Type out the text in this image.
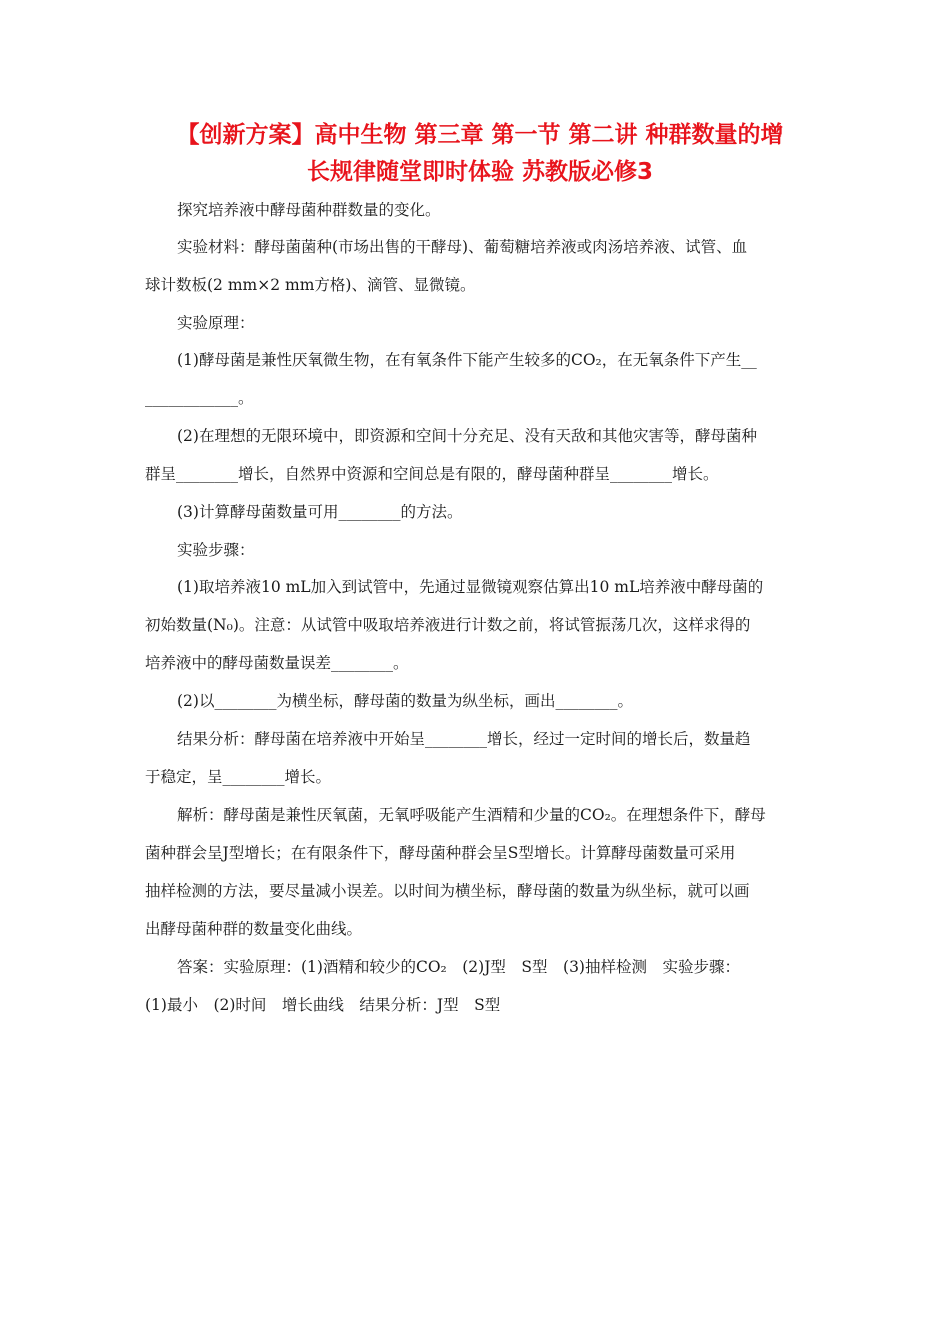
【创新方案】高中生物 第三章 第一节 第二讲 种群数量的增
长规律随堂即时体验 苏教版必修3
探究培养液中酵母菌种群数量的变化。
实验材料：酵母菌菌种(市场出售的干酵母)、葡萄糖培养液或肉汤培养液、试管、血
球计数板(2 mm×2 mm方格)、滴管、显微镜。
实验原理：
(1)酵母菌是兼性厌氧微生物，在有氧条件下能产生较多的CO₂，在无氧条件下产生__
____________。
(2)在理想的无限环境中，即资源和空间十分充足、没有天敌和其他灾害等，酵母菌种
群呈________增长，自然界中资源和空间总是有限的，酵母菌种群呈________增长。
(3)计算酵母菌数量可用________的方法。
实验步骤：
(1)取培养液10 mL加入到试管中，先通过显微镜观察估算出10 mL培养液中酵母菌的
初始数量(N₀)。注意：从试管中吸取培养液进行计数之前，将试管振荡几次，这样求得的
培养液中的酵母菌数量误差________。
(2)以________为横坐标，酵母菌的数量为纵坐标，画出________。
结果分析：酵母菌在培养液中开始呈________增长，经过一定时间的增长后，数量趋
于稳定，呈________增长。
解析：酵母菌是兼性厌氧菌，无氧呼吸能产生酒精和少量的CO₂。在理想条件下，酵母
菌种群会呈J型增长；在有限条件下，酵母菌种群会呈S型增长。计算酵母菌数量可采用
抽样检测的方法，要尽量减小误差。以时间为横坐标，酵母菌的数量为纵坐标，就可以画
出酵母菌种群的数量变化曲线。
答案：实验原理：(1)酒精和较少的CO₂　(2)J型　S型　(3)抽样检测　实验步骤：
(1)最小　(2)时间　增长曲线　结果分析：J型　S型
